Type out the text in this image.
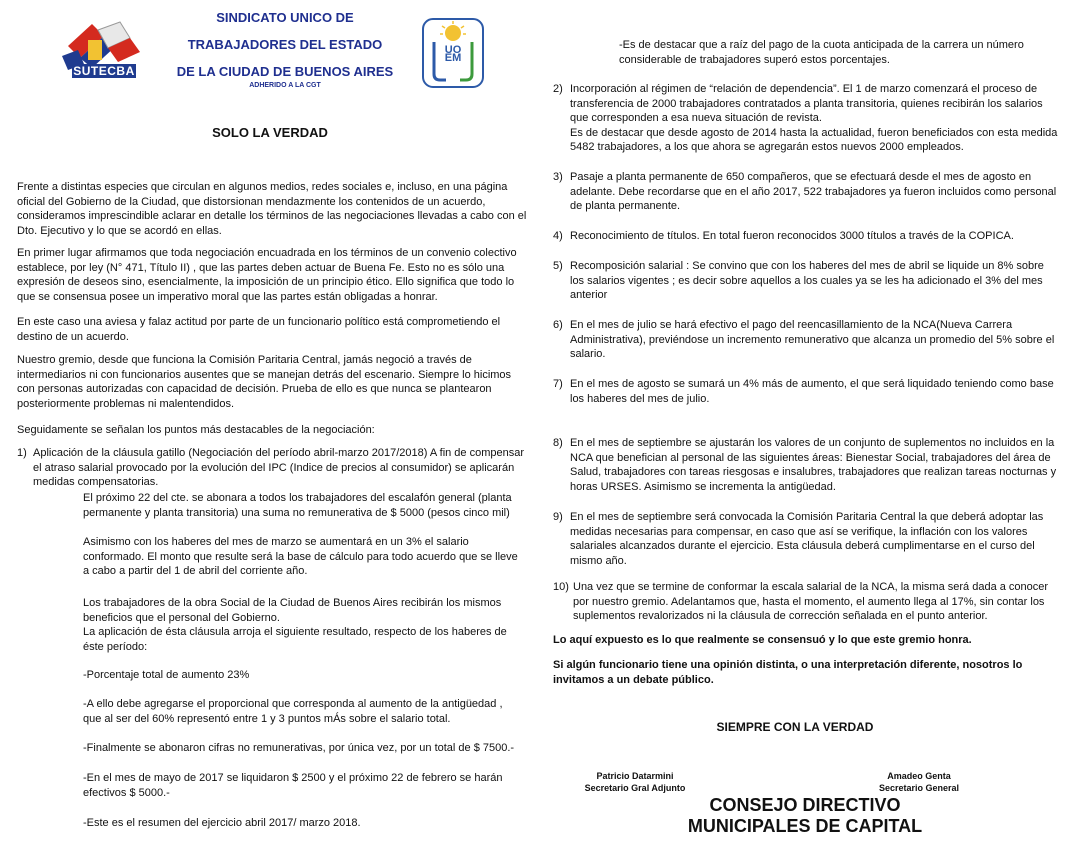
SUTECBA
SINDICATO UNICO DE
TRABAJADORES DEL ESTADO
DE LA CIUDAD DE BUENOS AIRES
ADHERIDO A LA CGT
UOEM
SOLO LA VERDAD

Frente a distintas especies que circulan en algunos medios, redes sociales e, incluso, en una página oficial del Gobierno de la Ciudad, que distorsionan mendazmente los contenidos de un acuerdo, consideramos imprescindible aclarar en detalle los términos de las negociaciones llevadas a cabo con el Dto. Ejecutivo y lo que se acordó en ellas.

En primer lugar afirmamos que toda negociación encuadrada en los términos de un convenio colectivo establece, por ley (N° 471, Título II) , que las partes deben actuar de Buena Fe. Esto no es sólo una expresión de deseos sino, esencialmente, la imposición de un principio ético. Ello significa que todo lo que se consensua posee un imperativo moral que las partes están obligadas a honrar.

En este caso una aviesa y falaz actitud por parte de un funcionario político está comprometiendo el destino de un acuerdo.

Nuestro gremio, desde que funciona la Comisión Paritaria Central, jamás negoció a través de intermediarios ni con funcionarios ausentes que se manejan detrás del escenario. Siempre lo hicimos con personas autorizadas con capacidad de decisión. Prueba de ello es que nunca se plantearon posteriormente problemas ni malentendidos.

Seguidamente se señalan los puntos más destacables de la negociación:

1) Aplicación de la cláusula gatillo (Negociación del período abril-marzo 2017/2018) A fin de compensar el atraso salarial provocado por la evolución del IPC (Indice de precios al consumidor) se aplicarán medidas compensatorias.

El próximo 22 del cte. se abonara a todos los trabajadores del escalafón general (planta permanente y planta transitoria) una suma no remunerativa de $ 5000 (pesos cinco mil)

Asimismo con los haberes del mes de marzo se aumentará en un 3% el salario conformado. El monto que resulte será la base de cálculo para todo acuerdo que se lleve a cabo a partir del 1 de abril del corriente año.

Los trabajadores de la obra Social de la Ciudad de Buenos Aires recibirán los mismos beneficios que el personal del Gobierno.

La aplicación de ésta cláusula arroja el siguiente resultado, respecto de los haberes de éste período:

-Porcentaje total de aumento 23%

-A ello debe agregarse el proporcional que corresponda al aumento de la antigüedad , que al ser del 60% representó entre 1 y 3 puntos mÁs sobre el salario total.

-Finalmente se abonaron cifras no remunerativas, por única vez, por un total de $ 7500.-

-En el mes de mayo de 2017 se liquidaron $ 2500 y el próximo 22 de febrero se harán efectivos $ 5000.-

-Este es el resumen del ejercicio abril 2017/ marzo 2018.

-Es de destacar que a raíz del pago de la cuota anticipada de la carrera un número considerable de trabajadores superó estos porcentajes.

2) Incorporación al régimen de “relación de dependencia”. El 1 de marzo comenzará el proceso de transferencia de 2000 trabajadores contratados a planta transitoria, quienes recibirán los salarios que corresponden a esa nueva situación de revista.

Es de destacar que desde agosto de 2014 hasta la actualidad, fueron beneficiados con esta medida 5482 trabajadores, a los que ahora se agregarán estos nuevos 2000 empleados.

3) Pasaje a planta permanente de 650 compañeros, que se efectuará desde el mes de agosto en adelante. Debe recordarse que en el año 2017, 522 trabajadores ya fueron incluidos como personal de planta permanente.

4) Reconocimiento de títulos. En total fueron reconocidos 3000 títulos a través de la COPICA.

5) Recomposición salarial : Se convino que con los haberes del mes de abril se liquide un 8% sobre los salarios vigentes ; es decir sobre aquellos a los cuales ya se les ha adicionado el 3% del mes anterior

6) En el mes de julio se hará efectivo el pago del reencasillamiento de la NCA(Nueva Carrera Administrativa), previéndose un incremento remunerativo que alcanza un promedio del 5% sobre el salario.

7) En el mes de agosto se sumará un 4% más de aumento, el que será liquidado teniendo como base los haberes del mes de julio.

8) En el mes de septiembre se ajustarán los valores de un conjunto de suplementos no incluidos en la NCA que benefician al personal de las siguientes áreas: Bienestar Social, trabajadores del área de Salud, trabajadores con tareas riesgosas e insalubres, trabajadores que realizan tareas nocturnas y horas URSES. Asimismo se incrementa la antigüedad.

9) En el mes de septiembre será convocada la Comisión Paritaria Central la que deberá adoptar las medidas necesarias para compensar, en caso que así se verifique, la inflación con los valores salariales alcanzados durante el ejercicio. Esta cláusula deberá cumplimentarse en el curso del mismo año.

10) Una vez que se termine de conformar la escala salarial de la NCA, la misma será dada a conocer por nuestro gremio. Adelantamos que, hasta el momento, el aumento llega al 17%, sin contar los suplementos revalorizados ni la cláusula de corrección señalada en el punto anterior.

Lo aquí expuesto es lo que realmente se consensuó y lo que este gremio honra.

Si algún funcionario tiene una opinión distinta, o una interpretación diferente, nosotros lo invitamos a un debate público.

SIEMPRE CON LA VERDAD
Patricio Datarmini
Secretario Gral Adjunto
Amadeo Genta
Secretario General
CONSEJO DIRECTIVO
MUNICIPALES DE CAPITAL
